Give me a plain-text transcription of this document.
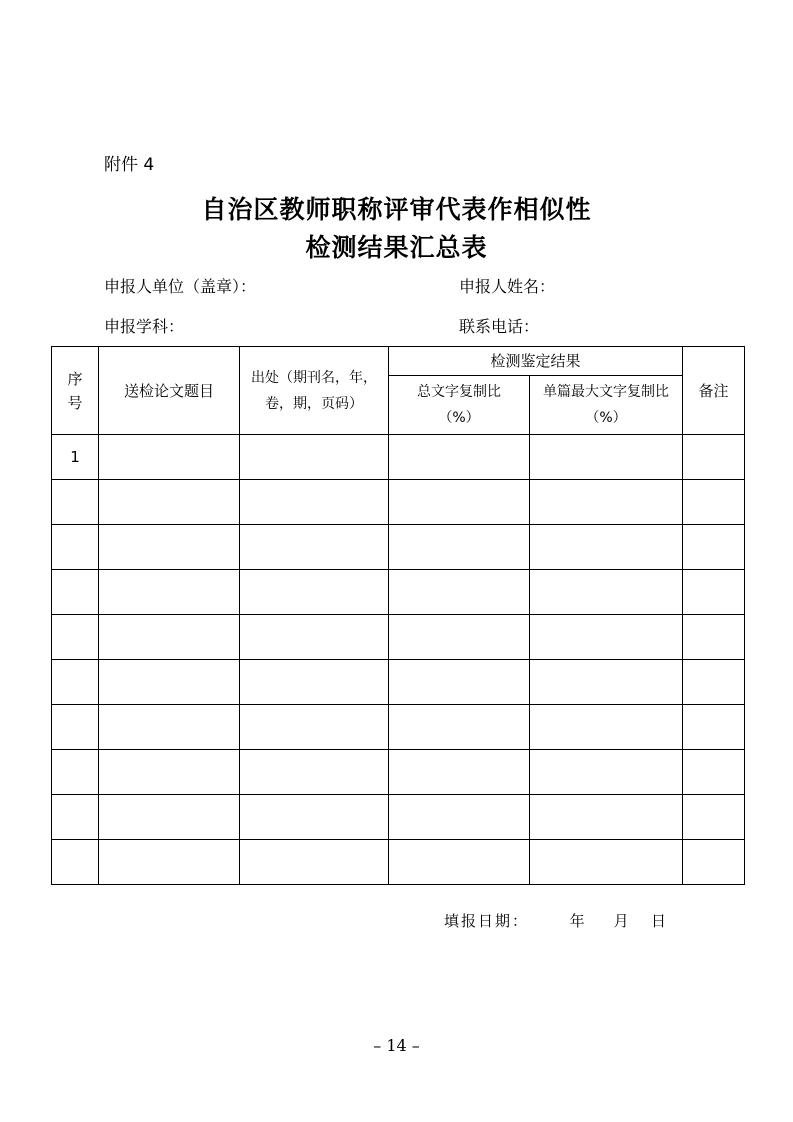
附件 4
自治区教师职称评审代表作相似性
检测结果汇总表
申报人单位（盖章）：	申报人姓名：
申报学科：	联系电话：
序号	送检论文题目	出处（期刊名，年，卷，期，页码）	检测鉴定结果		备注

			总文字复制比（%）	单篇最大文字复制比（%）	

1					

填报日期：      年    月   日
– 14 –
